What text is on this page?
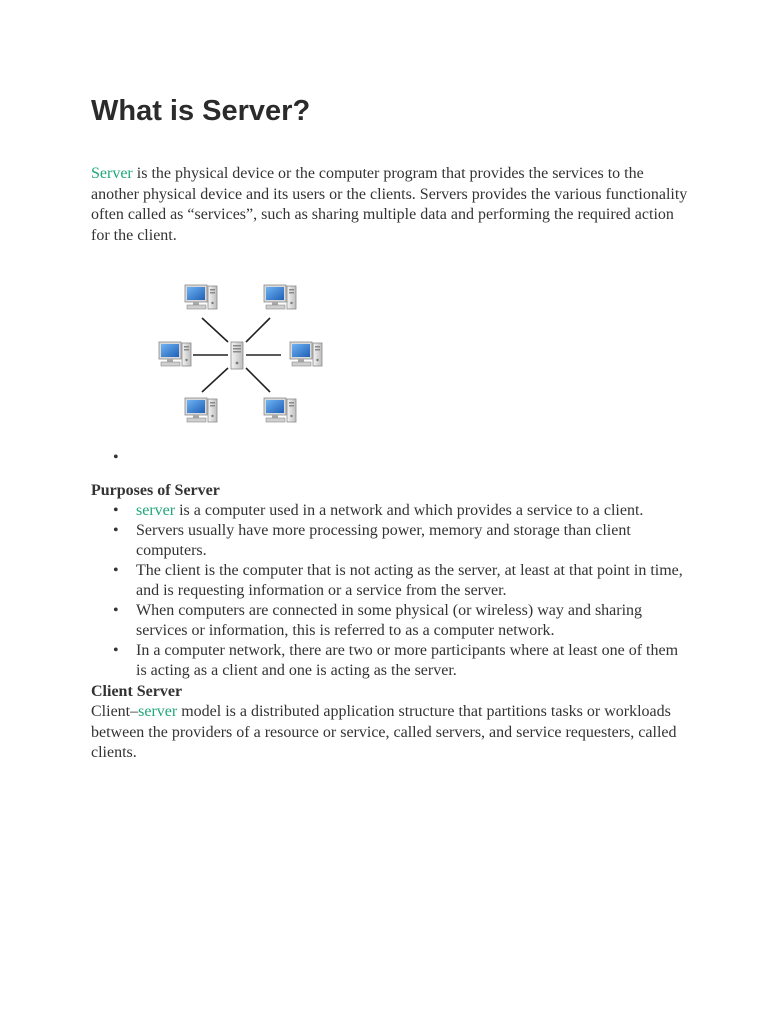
What is Server?

Server is the physical device or the computer program that provides the services to the another physical device and its users or the clients. Servers provides the various functionality often called as “services”, such as sharing multiple data and performing the required action for the client.

•

Purposes of Server

• server is a computer used in a network and which provides a service to a client.
• Servers usually have more processing power, memory and storage than client computers.
• The client is the computer that is not acting as the server, at least at that point in time, and is requesting information or a service from the server.
• When computers are connected in some physical (or wireless) way and sharing services or information, this is referred to as a computer network.
• In a computer network, there are two or more participants where at least one of them is acting as a client and one is acting as the server.

Client Server

Client–server model is a distributed application structure that partitions tasks or workloads between the providers of a resource or service, called servers, and service requesters, called clients.
